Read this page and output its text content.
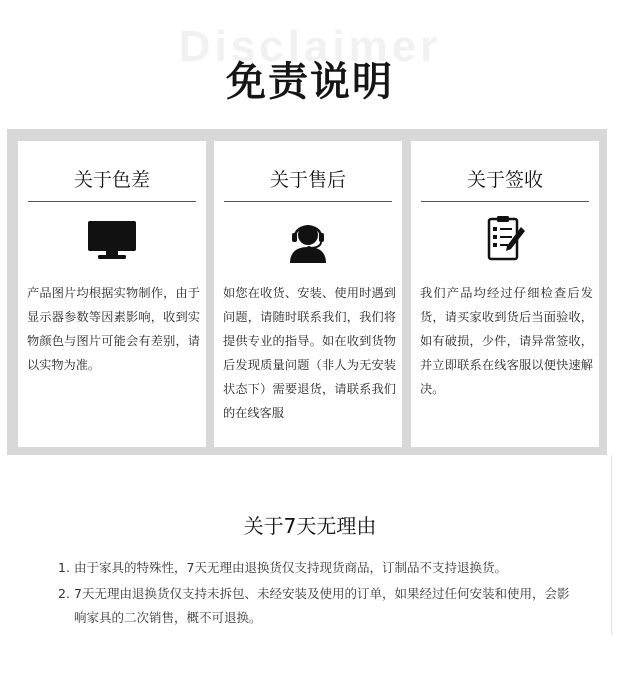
Disclaimer
免责说明
关于色差
产品图片均根据实物制作，由于显示器参数等因素影响，收到实物颜色与图片可能会有差别，请以实物为准。
关于售后
如您在收货、安装、使用时遇到问题，请随时联系我们，我们将提供专业的指导。如在收到货物后发现质量问题（非人为无安装状态下）需要退货，请联系我们的在线客服
关于签收
我们产品均经过仔细检查后发货，请买家收到货后当面验收，如有破损，少件，请异常签收，并立即联系在线客服以便快速解决。
关于7天无理由
1. 由于家具的特殊性，7天无理由退换货仅支持现货商品，订制品不支持退换货。
2. 7天无理由退换货仅支持未拆包、未经安装及使用的订单，如果经过任何安装和使用，会影响家具的二次销售，概不可退换。
